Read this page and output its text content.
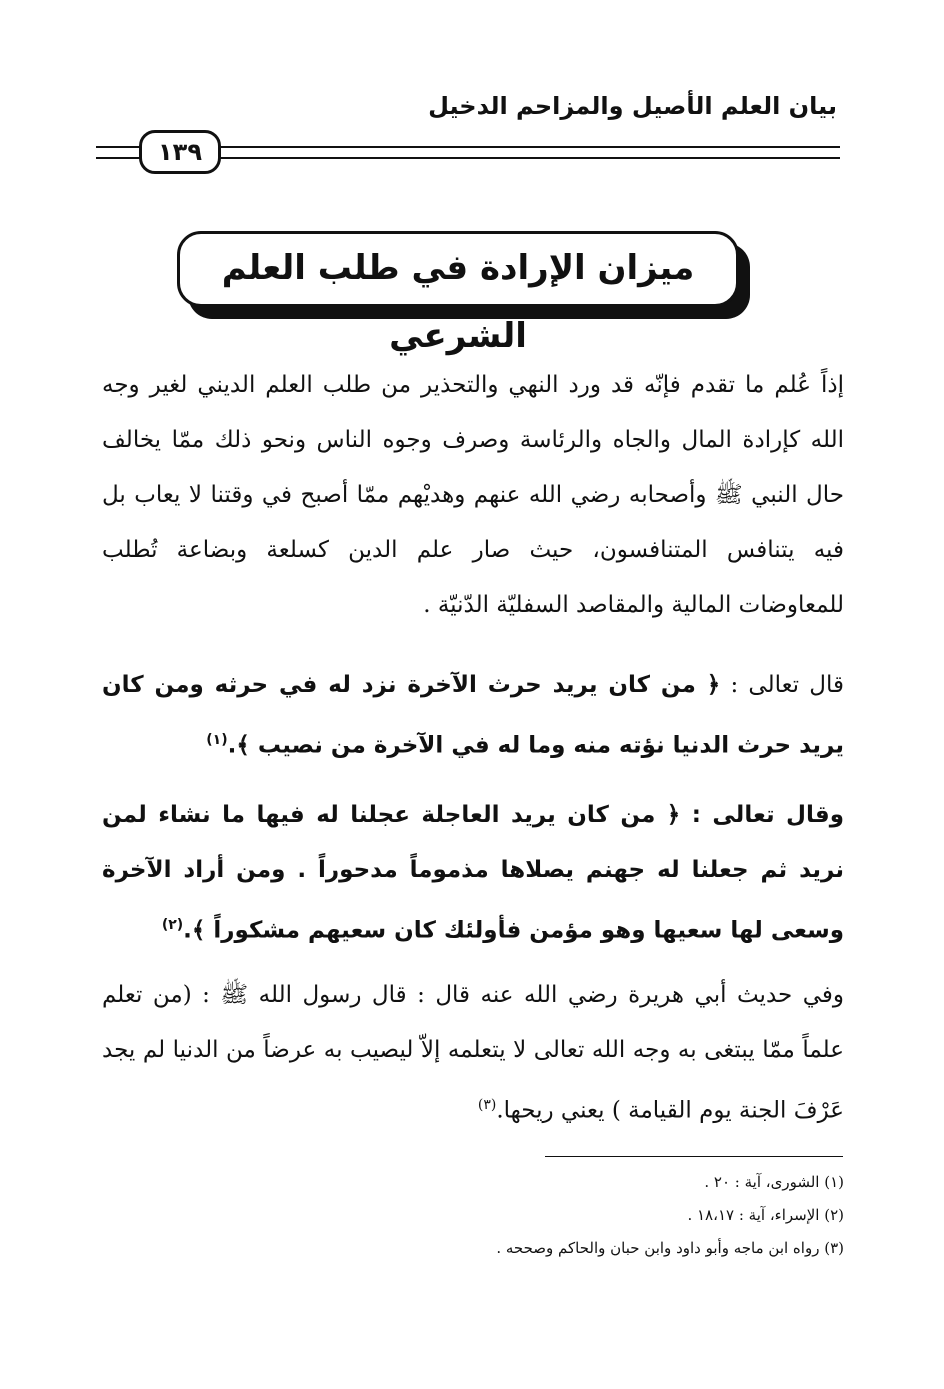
بيان العلم الأصيل والمزاحم الدخيل
١٣٩
ميزان الإرادة في طلب العلم الشرعي

إذاً عُلم ما تقدم فإنّه قد ورد النهي والتحذير من طلب العلم الديني لغير وجه الله كإرادة المال والجاه والرئاسة وصرف وجوه الناس ونحو ذلك ممّا يخالف حال النبي ﷺ وأصحابه رضي الله عنهم وهديْهم ممّا أصبح في وقتنا لا يعاب بل فيه يتنافس المتنافسون، حيث صار علم الدين كسلعة وبضاعة تُطلب للمعاوضات المالية والمقاصد السفليّة الدّنيّة .

قال تعالى : ﴿ من كان يريد حرث الآخرة نزد له في حرثه ومن كان يريد حرث الدنيا نؤته منه وما له في الآخرة من نصيب ﴾.$^{(١)}$

وقال تعالى : ﴿ من كان يريد العاجلة عجلنا له فيها ما نشاء لمن نريد ثم جعلنا له جهنم يصلاها مذموماً مدحوراً . ومن أراد الآخرة وسعى لها سعيها وهو مؤمن فأولئك كان سعيهم مشكوراً ﴾.$^{(٢)}$

وفي حديث أبي هريرة رضي الله عنه قال : قال رسول الله ﷺ : (من تعلم علماً ممّا يبتغى به وجه الله تعالى لا يتعلمه إلاّ ليصيب به عرضاً من الدنيا لم يجد عَرْفَ الجنة يوم القيامة ) يعني ريحها.$^{(٣)}$

(١) الشورى، آية : ٢٠ .
(٢) الإسراء، آية : ١٨،١٧ .
(٣) رواه ابن ماجه وأبو داود وابن حبان والحاكم وصححه .
